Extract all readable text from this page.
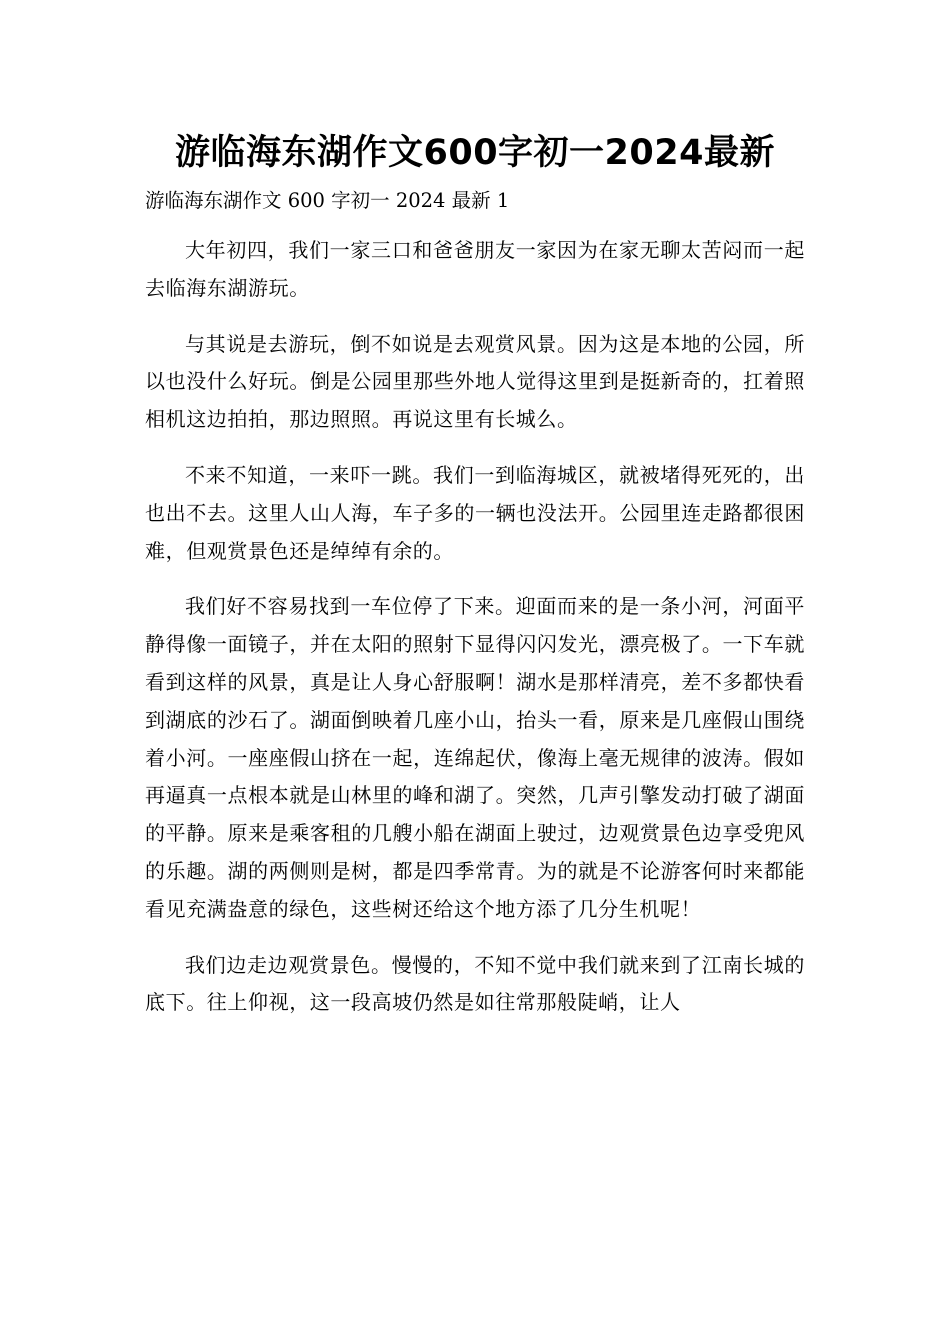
游临海东湖作文600字初一2024最新
游临海东湖作文 600 字初一 2024 最新 1

大年初四，我们一家三口和爸爸朋友一家因为在家无聊太苦闷而一起去临海东湖游玩。

与其说是去游玩，倒不如说是去观赏风景。因为这是本地的公园，所以也没什么好玩。倒是公园里那些外地人觉得这里到是挺新奇的，扛着照相机这边拍拍，那边照照。再说这里有长城么。

不来不知道，一来吓一跳。我们一到临海城区，就被堵得死死的，出也出不去。这里人山人海，车子多的一辆也没法开。公园里连走路都很困难，但观赏景色还是绰绰有余的。

我们好不容易找到一车位停了下来。迎面而来的是一条小河，河面平静得像一面镜子，并在太阳的照射下显得闪闪发光，漂亮极了。一下车就看到这样的风景，真是让人身心舒服啊！湖水是那样清亮，差不多都快看到湖底的沙石了。湖面倒映着几座小山，抬头一看，原来是几座假山围绕着小河。一座座假山挤在一起，连绵起伏，像海上毫无规律的波涛。假如再逼真一点根本就是山林里的峰和湖了。突然，几声引擎发动打破了湖面的平静。原来是乘客租的几艘小船在湖面上驶过，边观赏景色边享受兜风的乐趣。湖的两侧则是树，都是四季常青。为的就是不论游客何时来都能看见充满盎意的绿色，这些树还给这个地方添了几分生机呢！

我们边走边观赏景色。慢慢的，不知不觉中我们就来到了江南长城的底下。往上仰视，这一段高坡仍然是如往常那般陡峭，让人
